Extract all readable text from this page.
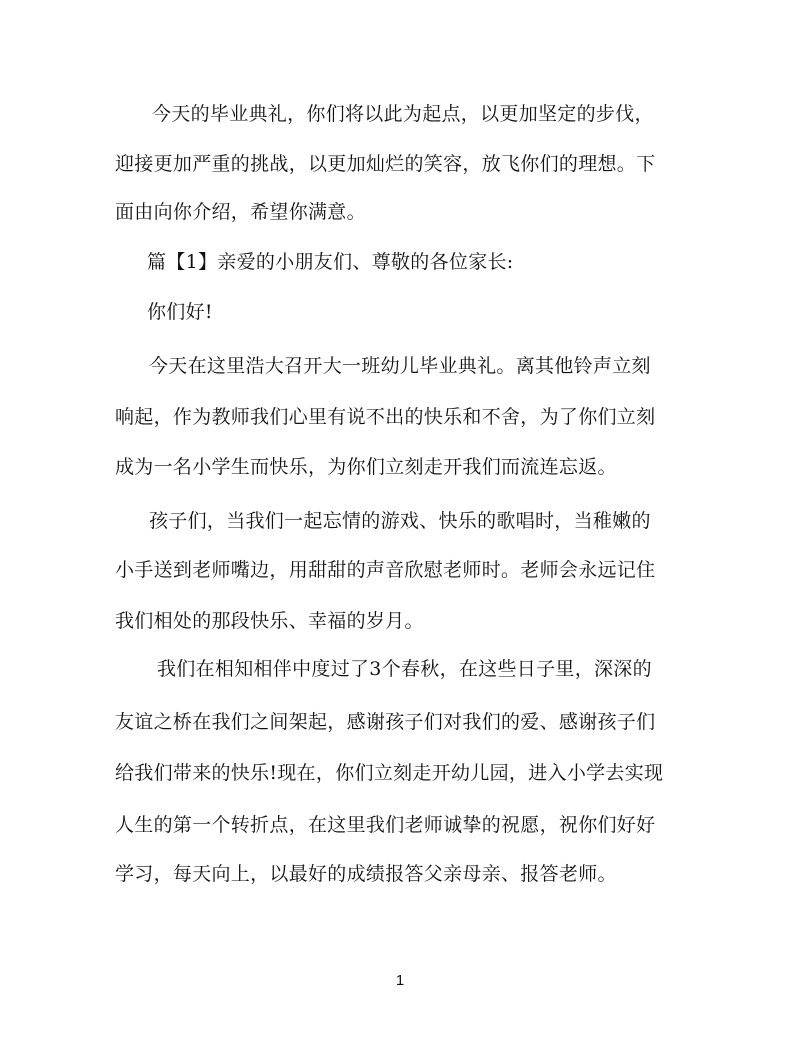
今天的毕业典礼，你们将以此为起点，以更加坚定的步伐，
迎接更加严重的挑战，以更加灿烂的笑容，放飞你们的理想。下
面由向你介绍，希望你满意。
篇【1】亲爱的小朋友们、尊敬的各位家长:
你们好!
今天在这里浩大召开大一班幼儿毕业典礼。离其他铃声立刻
响起，作为教师我们心里有说不出的快乐和不舍，为了你们立刻
成为一名小学生而快乐，为你们立刻走开我们而流连忘返。
孩子们，当我们一起忘情的游戏、快乐的歌唱时，当稚嫩的
小手送到老师嘴边，用甜甜的声音欣慰老师时。老师会永远记住
我们相处的那段快乐、幸福的岁月。
我们在相知相伴中度过了3个春秋，在这些日子里，深深的
友谊之桥在我们之间架起，感谢孩子们对我们的爱、感谢孩子们
给我们带来的快乐!现在，你们立刻走开幼儿园，进入小学去实现
人生的第一个转折点，在这里我们老师诚挚的祝愿，祝你们好好
学习，每天向上，以最好的成绩报答父亲母亲、报答老师。
1
